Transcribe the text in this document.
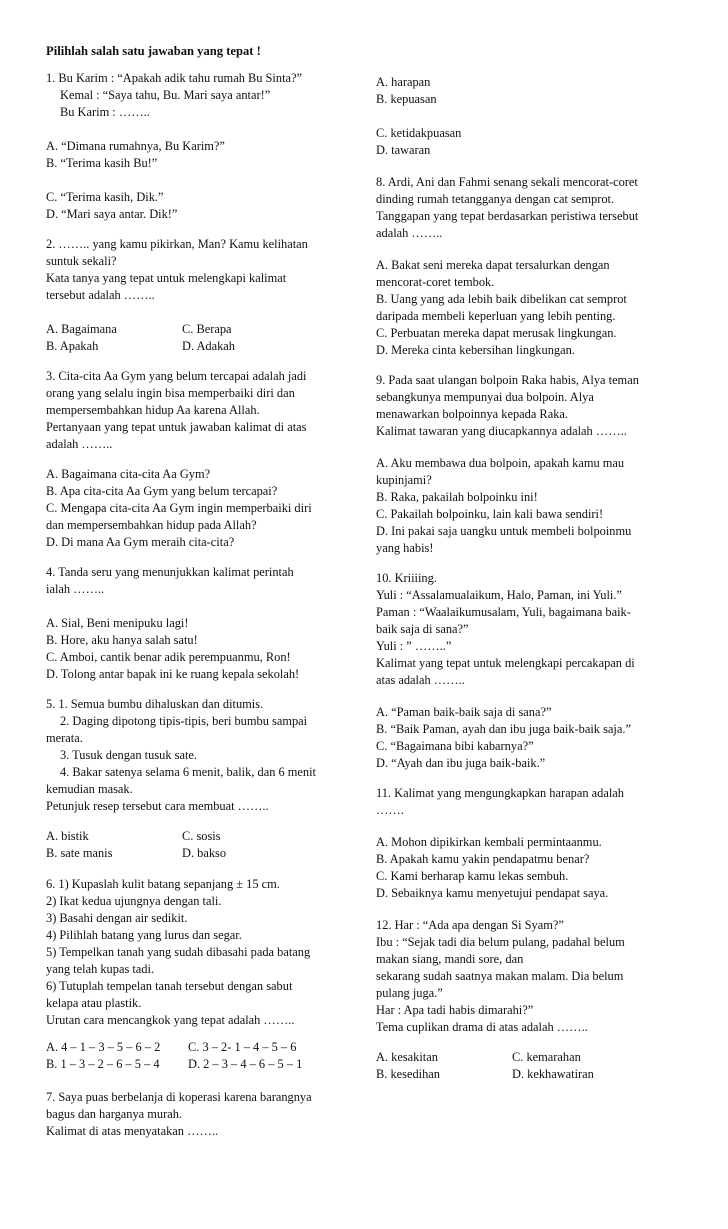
Pilihlah salah satu jawaban yang tepat !
1. Bu Karim : “Apakah adik tahu rumah Bu Sinta?”
Kemal : “Saya tahu, Bu. Mari saya antar!”
Bu Karim : ……..
A. “Dimana rumahnya, Bu Karim?”
B. “Terima kasih Bu!”
C. “Terima kasih, Dik.”
D. “Mari saya antar. Dik!”
2. …….. yang kamu pikirkan, Man? Kamu kelihatan
suntuk sekali?
Kata tanya yang tepat untuk melengkapi kalimat
tersebut adalah ……..
3. Cita-cita Aa Gym yang belum tercapai adalah jadi
orang yang selalu ingin bisa memperbaiki diri dan
mempersembahkan hidup Aa karena Allah.
Pertanyaan yang tepat untuk jawaban kalimat di atas
adalah ……..
A. Bagaimana cita-cita Aa Gym?
B. Apa cita-cita Aa Gym yang belum tercapai?
C. Mengapa cita-cita Aa Gym ingin memperbaiki diri
dan mempersembahkan hidup pada Allah?
D. Di mana Aa Gym meraih cita-cita?
4. Tanda seru yang menunjukkan kalimat perintah
ialah ……..
A. Sial, Beni menipuku lagi!
B. Hore, aku hanya salah satu!
C. Amboi, cantik benar adik perempuanmu, Ron!
D. Tolong antar bapak ini ke ruang kepala sekolah!
5. 1. Semua bumbu dihaluskan dan ditumis.
2. Daging dipotong tipis-tipis, beri bumbu sampai
merata.
3. Tusuk dengan tusuk sate.
4. Bakar satenya selama 6 menit, balik, dan 6 menit
kemudian masak.
Petunjuk resep tersebut cara membuat ……..
6. 1) Kupaslah kulit batang sepanjang ± 15 cm.
2) Ikat kedua ujungnya dengan tali.
3) Basahi dengan air sedikit.
4) Pilihlah batang yang lurus dan segar.
5) Tempelkan tanah yang sudah dibasahi pada batang
yang telah kupas tadi.
6) Tutuplah tempelan tanah tersebut dengan sabut
kelapa atau plastik.
Urutan cara mencangkok yang tepat adalah ……..
7. Saya puas berbelanja di koperasi karena barangnya
bagus dan harganya murah.
Kalimat di atas menyatakan ……..
A. Bagaimana	C. Berapa
B. Apakah	D. Adakah
A. bistik	C. sosis
B. sate manis	D. bakso
A. 4 – 1 – 3 – 5 – 6 – 2 C. 3 – 2- 1 – 4 – 5 – 6
B. 1 – 3 – 2 – 6 – 5 – 4 D. 2 – 3 – 4 – 6 – 5 – 1
A. harapan
B. kepuasan
C. ketidakpuasan
D. tawaran
8. Ardi, Ani dan Fahmi senang sekali mencorat-coret
dinding rumah tetangganya dengan cat semprot.
Tanggapan yang tepat berdasarkan peristiwa tersebut
adalah ……..
A. Bakat seni mereka dapat tersalurkan dengan
mencorat-coret tembok.
B. Uang yang ada lebih baik dibelikan cat semprot
daripada membeli keperluan yang lebih penting.
C. Perbuatan mereka dapat merusak lingkungan.
D. Mereka cinta kebersihan lingkungan.
9. Pada saat ulangan bolpoin Raka habis, Alya teman
sebangkunya mempunyai dua bolpoin. Alya
menawarkan bolpoinnya kepada Raka.
Kalimat tawaran yang diucapkannya adalah ……..
A. Aku membawa dua bolpoin, apakah kamu mau
kupinjami?
B. Raka, pakailah bolpoinku ini!
C. Pakailah bolpoinku, lain kali bawa sendiri!
D. Ini pakai saja uangku untuk membeli bolpoinmu
yang habis!
10. Kriiiing.
Yuli : “Assalamualaikum, Halo, Paman, ini Yuli.”
Paman : “Waalaikumusalam, Yuli, bagaimana baik-
baik saja di sana?”
Yuli : ” ……..”
Kalimat yang tepat untuk melengkapi percakapan di
atas adalah ……..
A. “Paman baik-baik saja di sana?”
B. “Baik Paman, ayah dan ibu juga baik-baik saja.”
C. “Bagaimana bibi kabarnya?”
D. “Ayah dan ibu juga baik-baik.”
11. Kalimat yang mengungkapkan harapan adalah
…….
A. Mohon dipikirkan kembali permintaanmu.
B. Apakah kamu yakin pendapatmu benar?
C. Kami berharap kamu lekas sembuh.
D. Sebaiknya kamu menyetujui pendapat saya.
12. Har : “Ada apa dengan Si Syam?”
Ibu : “Sejak tadi dia belum pulang, padahal belum
makan siang, mandi sore, dan
sekarang sudah saatnya makan malam. Dia belum
pulang juga.”
Har : Apa tadi habis dimarahi?”
Tema cuplikan drama di atas adalah ……..
A. kesakitan	C. kemarahan
B. kesedihan	D. kekhawatiran
